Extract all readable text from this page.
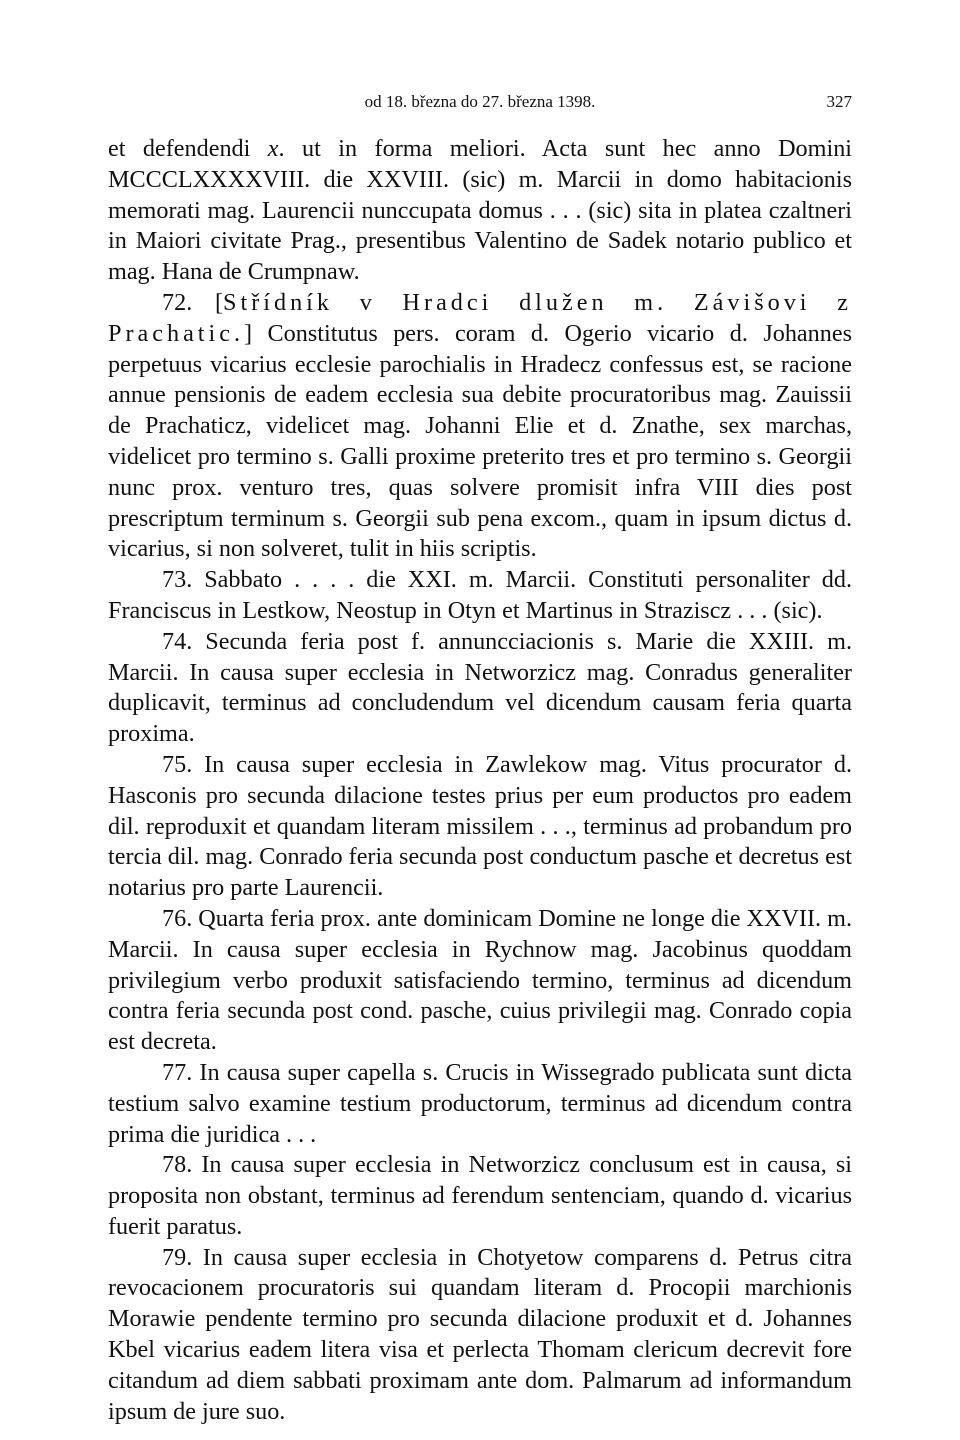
od 18. března do 27. března 1398.	327

et defendendi x. ut in forma meliori. Acta sunt hec anno Domini MCCCLXXXXVIII. die XXVIII. (sic) m. Marcii in domo habitacionis memorati mag. Laurencii nunccupata domus . . . (sic) sita in platea czaltneri in Maiori civitate Prag., presentibus Valentino de Sadek notario publico et mag. Hana de Crumpnaw.

72. [Střídník v Hradci dlužen m. Závišovi z Prachatic.] Constitutus pers. coram d. Ogerio vicario d. Johannes perpetuus vicarius ecclesie parochialis in Hradecz confessus est, se racione annue pensionis de eadem ecclesia sua debite procuratoribus mag. Zauissii de Prachaticz, videlicet mag. Johanni Elie et d. Znathe, sex marchas, videlicet pro termino s. Galli proxime preterito tres et pro termino s. Georgii nunc prox. venturo tres, quas solvere promisit infra VIII dies post prescriptum terminum s. Georgii sub pena excom., quam in ipsum dictus d. vicarius, si non solveret, tulit in hiis scriptis.

73. Sabbato . . . . die XXI. m. Marcii. Constituti personaliter dd. Franciscus in Lestkow, Neostup in Otyn et Martinus in Straziscz . . . (sic).

74. Secunda feria post f. annuncciacionis s. Marie die XXIII. m. Marcii. In causa super ecclesia in Networzicz mag. Conradus generaliter duplicavit, terminus ad concludendum vel dicendum causam feria quarta proxima.

75. In causa super ecclesia in Zawlekow mag. Vitus procurator d. Hasconis pro secunda dilacione testes prius per eum productos pro eadem dil. reproduxit et quandam literam missilem . . ., terminus ad probandum pro tercia dil. mag. Conrado feria secunda post conductum pasche et decretus est notarius pro parte Laurencii.

76. Quarta feria prox. ante dominicam Domine ne longe die XXVII. m. Marcii. In causa super ecclesia in Rychnow mag. Jacobinus quoddam privilegium verbo produxit satisfaciendo termino, terminus ad dicendum contra feria secunda post cond. pasche, cuius privilegii mag. Conrado copia est decreta.

77. In causa super capella s. Crucis in Wissegrado publicata sunt dicta testium salvo examine testium productorum, terminus ad dicendum contra prima die juridica . . .

78. In causa super ecclesia in Networzicz conclusum est in causa, si proposita non obstant, terminus ad ferendum sentenciam, quando d. vicarius fuerit paratus.

79. In causa super ecclesia in Chotyetow comparens d. Petrus citra revocacionem procuratoris sui quandam literam d. Procopii marchionis Morawie pendente termino pro secunda dilacione produxit et d. Johannes Kbel vicarius eadem litera visa et perlecta Thomam clericum decrevit fore citandum ad diem sabbati proximam ante dom. Palmarum ad informandum ipsum de jure suo.
